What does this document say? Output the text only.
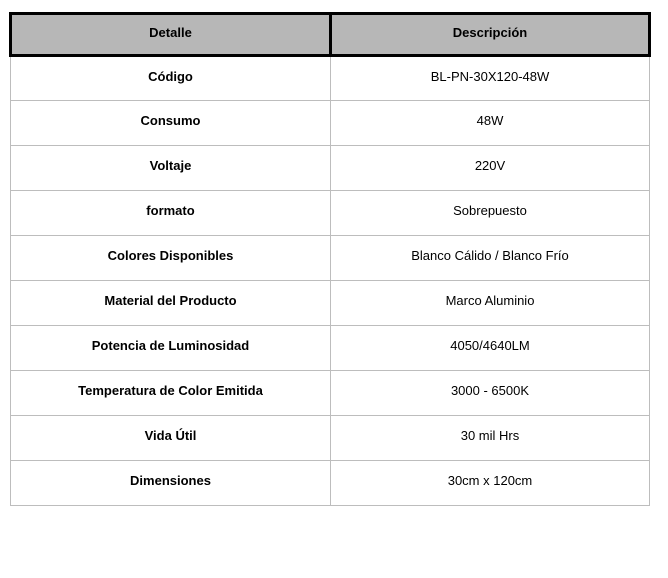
Detalle	Descripción

Código	BL-PN-30X120-48W

Consumo	48W

Voltaje	220V

formato	Sobrepuesto

Colores Disponibles	Blanco Cálido / Blanco Frío

Material del Producto	Marco Aluminio

Potencia de Luminosidad	4050/4640LM

Temperatura de Color Emitida	3000 - 6500K

Vida Útil	30 mil Hrs

Dimensiones	30cm x 120cm
